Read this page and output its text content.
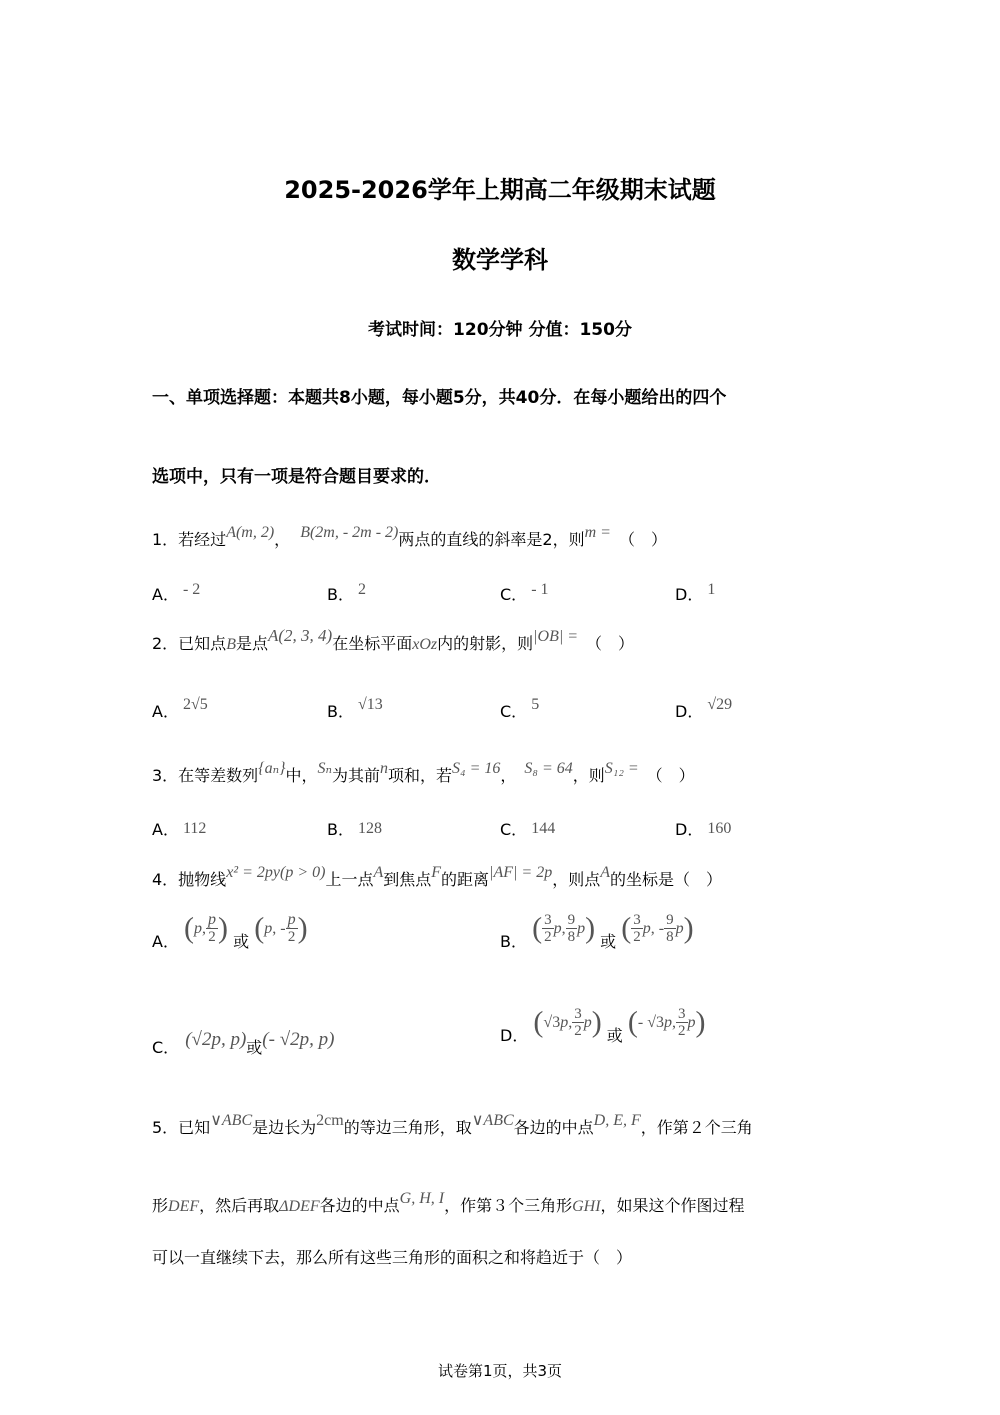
2025-2026学年上期高二年级期末试题
数学学科
考试时间：120分钟 分值：150分
一、单项选择题：本题共8小题，每小题5分，共40分．在每小题给出的四个
选项中，只有一项是符合题目要求的．
1．若经过A(m, 2)， B(2m, - 2m - 2)两点的直线的斜率是2，则m = （　）
A． - 2	B． 2	C． - 1	D． 1
2．已知点B是点A(2, 3, 4)在坐标平面xOz内的射影，则|OB| = （　）
A． 2√5	B． √13	C． 5	D． √29
3．在等差数列{aₙ}中，Sₙ为其前n项和，若S₄ = 16， S₈ = 64，则S₁₂ = （　）
A． 112	B． 128	C． 144	D． 160
4．抛物线x² = 2py(p > 0)上一点A到焦点F的距离|AF| = 2p，则点A的坐标是（　）
A． (p, $\frac{p}{2}$ ) 或 (p, - $\frac{p}{2}$ )	B． ( $\frac{3}{2} p$, $\frac{9}{8} p$) 或 ( $\frac{3}{2} p$, - $\frac{9}{8} p$)
C． (√2p, p)或(- √2p, p)	D． (√3p, $\frac{3}{2} p$) 或 (- √3p, $\frac{3}{2} p$)
5．已知∨ABC是边长为2cm的等边三角形，取∨ABC各边的中点D, E, F，作第２个三角
形DEF，然后再取ΔDEF各边的中点G, H, I，作第３个三角形GHI，如果这个作图过程
可以一直继续下去，那么所有这些三角形的面积之和将趋近于（　）
试卷第1页，共3页
